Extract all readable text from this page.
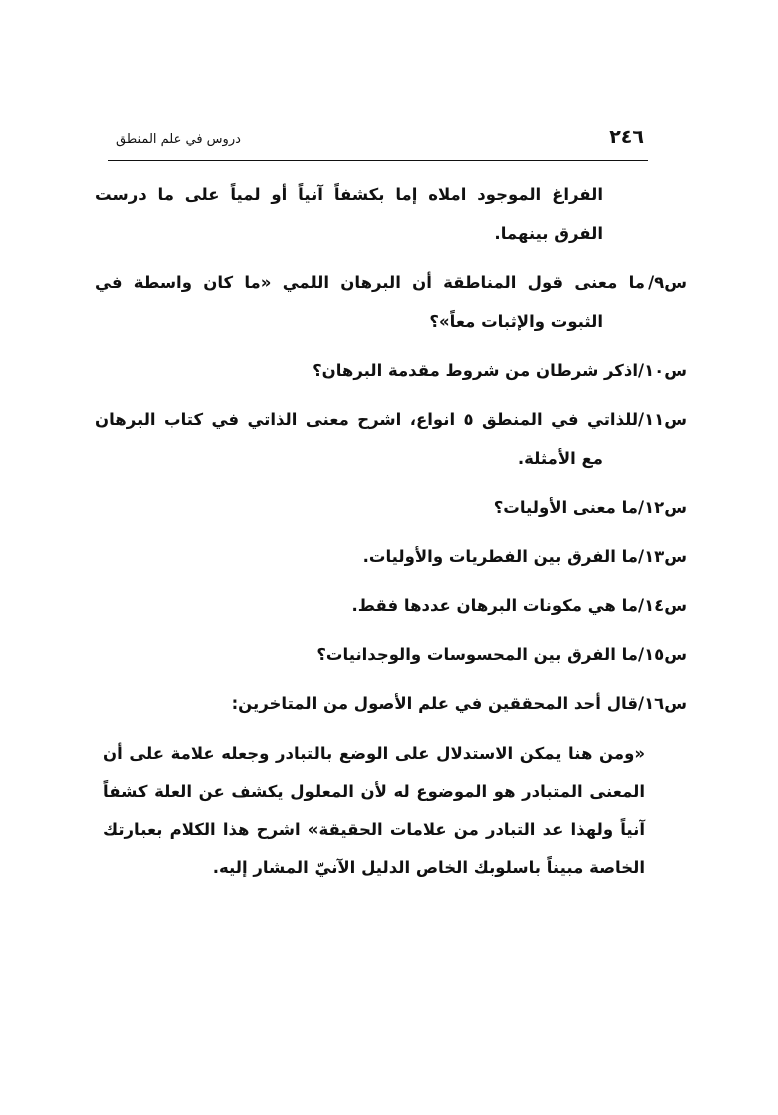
٢٤٦
دروس في علم المنطق

الفراغ الموجود املاه إما بكشفاً آنياً أو لمياً على ما درست الفرق بينهما.

س٩/ما معنى قول المناطقة أن البرهان اللمي «ما كان واسطة في الثبوت والإثبات معاً»؟

س١٠/اذكر شرطان من شروط مقدمة البرهان؟

س١١/للذاتي في المنطق ٥ انواع، اشرح معنى الذاتي في كتاب البرهان مع الأمثلة.

س١٢/ما معنى الأوليات؟

س١٣/ما الفرق بين الفطريات والأوليات.

س١٤/ما هي مكونات البرهان عددها فقط.

س١٥/ما الفرق بين المحسوسات والوجدانيات؟

س١٦/قال أحد المحققين في علم الأصول من المتاخرين:

«ومن هنا يمكن الاستدلال على الوضع بالتبادر وجعله علامة على أن المعنى المتبادر هو الموضوع له لأن المعلول يكشف عن العلة كشفاً آنياً ولهذا عد التبادر من علامات الحقيقة» اشرح هذا الكلام بعبارتك الخاصة مبيناً باسلوبك الخاص الدليل الآنيّ المشار إليه.
